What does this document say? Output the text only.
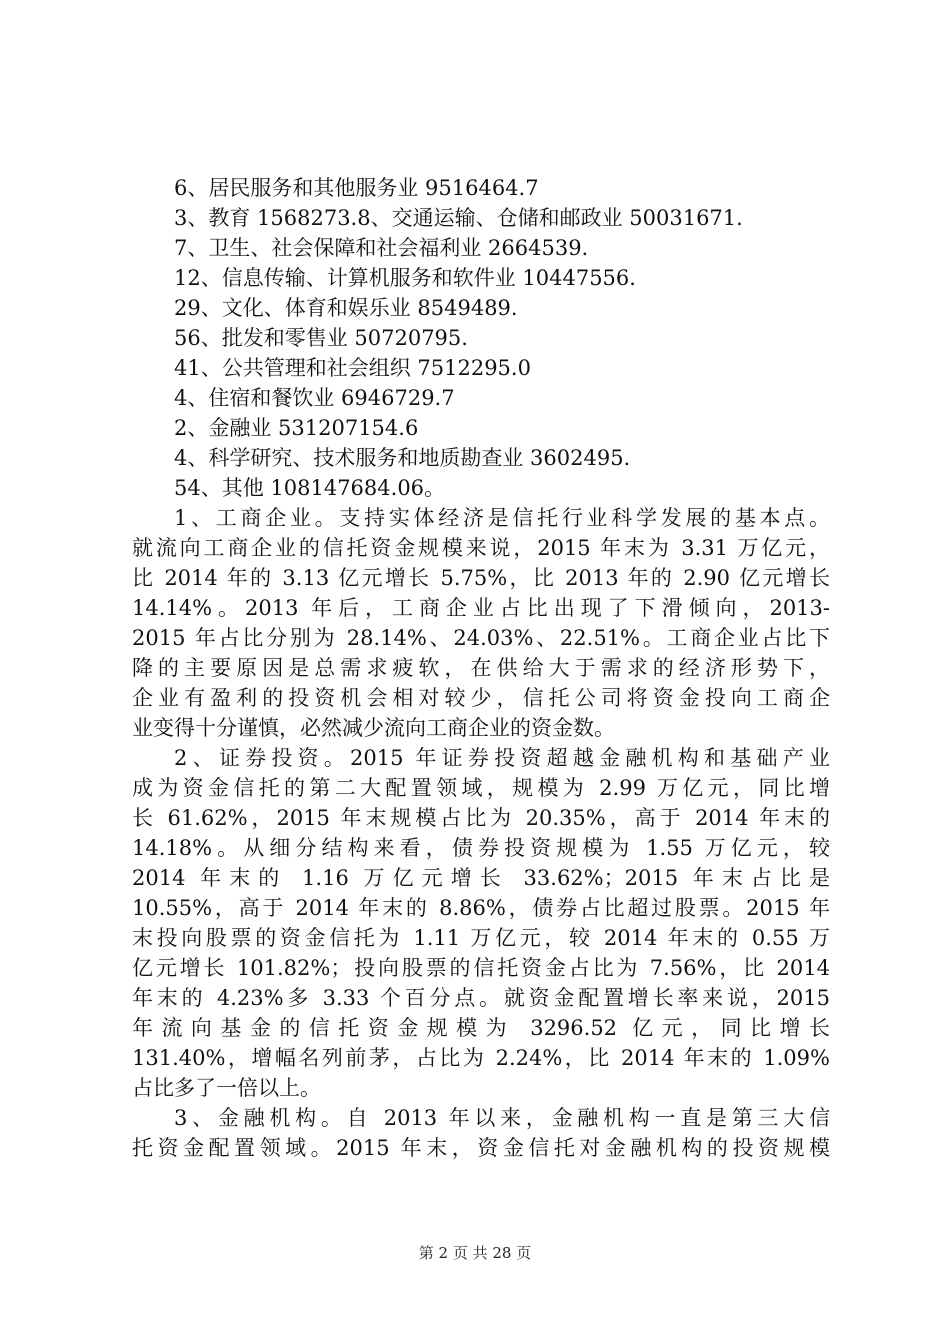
6、居民服务和其他服务业 9516464.7
3、教育 1568273.8、交通运输、仓储和邮政业 50031671.
7、卫生、社会保障和社会福利业 2664539.
12、信息传输、计算机服务和软件业 10447556.
29、文化、体育和娱乐业 8549489.
56、批发和零售业 50720795.
41、公共管理和社会组织 7512295.0
4、住宿和餐饮业 6946729.7
2、金融业 531207154.6
4、科学研究、技术服务和地质勘查业 3602495.
54、其他 108147684.06。
1、工商企业。支持实体经济是信托行业科学发展的基本点。
就流向工商企业的信托资金规模来说，2015 年末为 3.31 万亿元，
比 2014 年的 3.13 亿元增长 5.75%，比 2013 年的 2.90 亿元增长
14.14%。2013 年后，工商企业占比出现了下滑倾向，2013-
2015 年占比分别为 28.14%、24.03%、22.51%。工商企业占比下
降的主要原因是总需求疲软，在供给大于需求的经济形势下，
企业有盈利的投资机会相对较少，信托公司将资金投向工商企
业变得十分谨慎，必然减少流向工商企业的资金数。
2、证券投资。2015 年证券投资超越金融机构和基础产业
成为资金信托的第二大配置领域，规模为 2.99 万亿元，同比增
长 61.62%，2015 年末规模占比为 20.35%，高于 2014 年末的
14.18%。从细分结构来看，债券投资规模为 1.55 万亿元，较
2014 年末的 1.16 万亿元增长 33.62%；2015 年末占比是
10.55%，高于 2014 年末的 8.86%，债券占比超过股票。2015 年
末投向股票的资金信托为 1.11 万亿元，较 2014 年末的 0.55 万
亿元增长 101.82%；投向股票的信托资金占比为 7.56%，比 2014
年末的 4.23%多 3.33 个百分点。就资金配置增长率来说，2015
年流向基金的信托资金规模为 3296.52 亿元，同比增长
131.40%，增幅名列前茅，占比为 2.24%，比 2014 年末的 1.09%
占比多了一倍以上。
3、金融机构。自 2013 年以来，金融机构一直是第三大信
托资金配置领域。2015 年末，资金信托对金融机构的投资规模
第 2 页 共 28 页
